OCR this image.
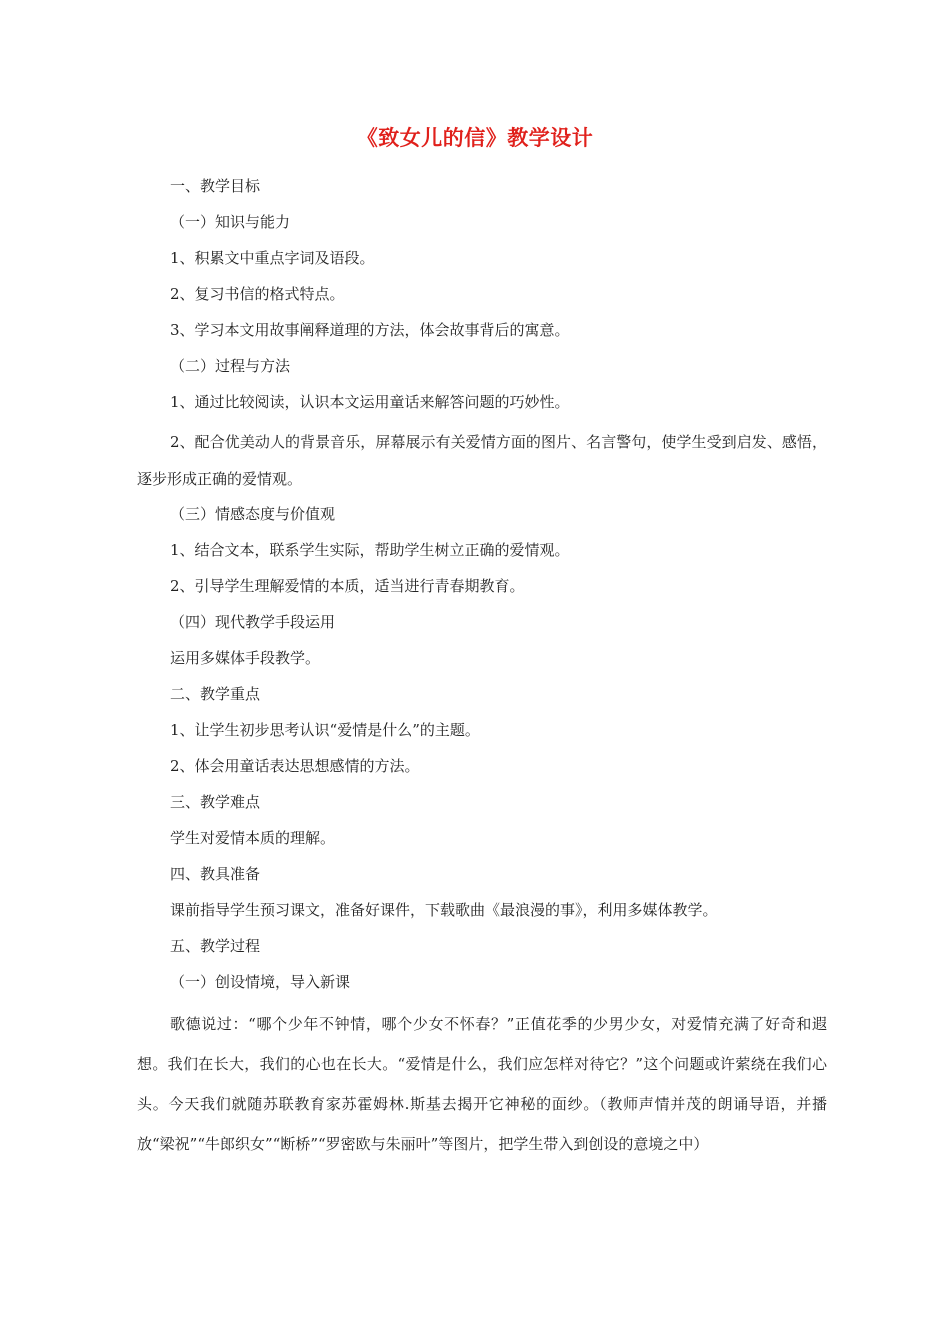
《致女儿的信》教学设计
一、教学目标
（一）知识与能力
1、积累文中重点字词及语段。
2、复习书信的格式特点。
3、学习本文用故事阐释道理的方法，体会故事背后的寓意。
（二）过程与方法
1、通过比较阅读，认识本文运用童话来解答问题的巧妙性。
2、配合优美动人的背景音乐，屏幕展示有关爱情方面的图片、名言警句，使学生受到启发、感悟，逐步形成正确的爱情观。
（三）情感态度与价值观
1、结合文本，联系学生实际，帮助学生树立正确的爱情观。
2、引导学生理解爱情的本质，适当进行青春期教育。
（四）现代教学手段运用
运用多媒体手段教学。
二、教学重点
1、让学生初步思考认识“爱情是什么”的主题。
2、体会用童话表达思想感情的方法。
三、教学难点
学生对爱情本质的理解。
四、教具准备
课前指导学生预习课文，准备好课件，下载歌曲《最浪漫的事》，利用多媒体教学。
五、教学过程
（一）创设情境，导入新课
歌德说过：“哪个少年不钟情，哪个少女不怀春？”正值花季的少男少女，对爱情充满了好奇和遐想。我们在长大，我们的心也在长大。“爱情是什么，我们应怎样对待它？”这个问题或许萦绕在我们心头。今天我们就随苏联教育家苏霍姆林.斯基去揭开它神秘的面纱。（教师声情并茂的朗诵导语，并播放“梁祝”“牛郎织女”“断桥”“罗密欧与朱丽叶”等图片，把学生带入到创设的意境之中）
